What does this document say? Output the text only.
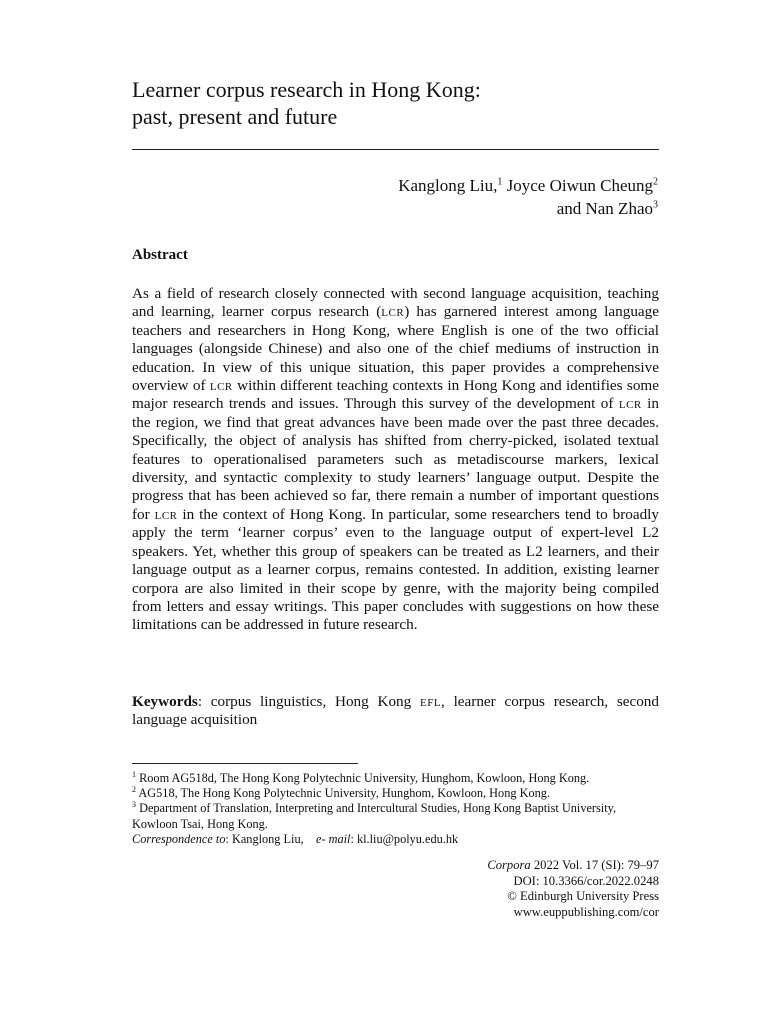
Learner corpus research in Hong Kong:
past, present and future
Kanglong Liu,$^1$ Joyce Oiwun Cheung$^2$
and Nan Zhao$^3$
Abstract

As a field of research closely connected with second language acquisition, teaching and learning, learner corpus research (lcr) has garnered interest among language teachers and researchers in Hong Kong, where English is one of the two official languages (alongside Chinese) and also one of the chief mediums of instruction in education. In view of this unique situation, this paper provides a comprehensive overview of lcr within different teaching contexts in Hong Kong and identifies some major research trends and issues. Through this survey of the development of lcr in the region, we find that great advances have been made over the past three decades. Specifically, the object of analysis has shifted from cherry-picked, isolated textual features to operationalised parameters such as metadiscourse markers, lexical diversity, and syntactic complexity to study learners’ language output. Despite the progress that has been achieved so far, there remain a number of important questions for lcr in the context of Hong Kong. In particular, some researchers tend to broadly apply the term ‘learner corpus’ even to the language output of expert-level L2 speakers. Yet, whether this group of speakers can be treated as L2 learners, and their language output as a learner corpus, remains contested. In addition, existing learner corpora are also limited in their scope by genre, with the majority being compiled from letters and essay writings. This paper concludes with suggestions on how these limitations can be addressed in future research.

Keywords: corpus linguistics, Hong Kong efl, learner corpus research, second language acquisition

$^1$ Room AG518d, The Hong Kong Polytechnic University, Hunghom, Kowloon, Hong Kong.
$^2$ AG518, The Hong Kong Polytechnic University, Hunghom, Kowloon, Hong Kong.
$^3$ Department of Translation, Interpreting and Intercultural Studies, Hong Kong Baptist University, Kowloon Tsai, Hong Kong.
Correspondence to: Kanglong Liu, e- mail: kl.liu@polyu.edu.hk
Corpora 2022 Vol. 17 (SI): 79–97
DOI: 10.3366/cor.2022.0248
© Edinburgh University Press
www.euppublishing.com/cor
